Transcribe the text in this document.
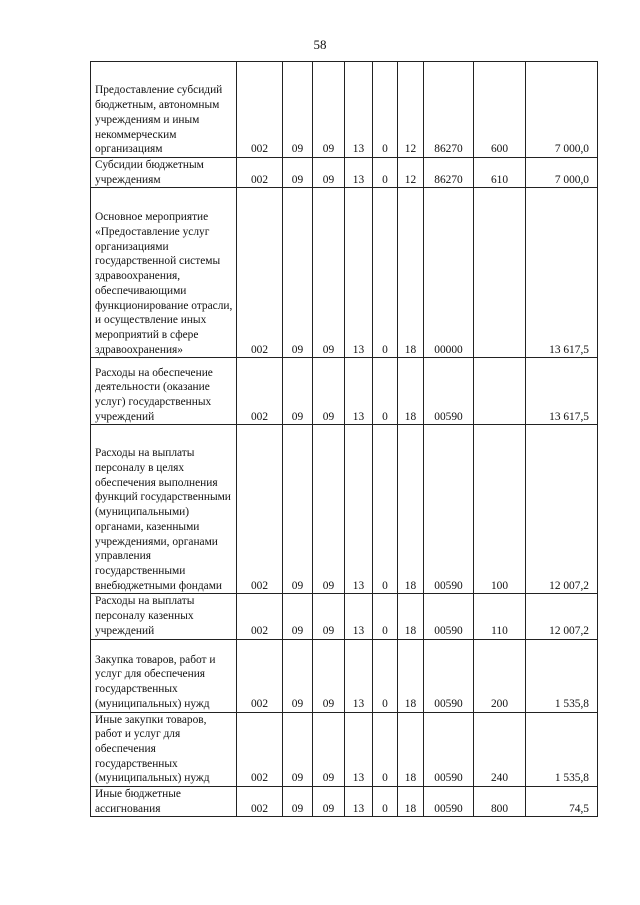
58
Предоставление субсидий бюджетным, автономным учреждениям и иным некоммерческим организациям	002	09	09	13	0	12	86270	600	7 000,0
Субсидии бюджетным учреждениям	002	09	09	13	0	12	86270	610	7 000,0
Основное мероприятие «Предоставление услуг организациями государственной системы здравоохранения, обеспечивающими функционирование отрасли, и осуществление иных мероприятий в сфере здравоохранения»	002	09	09	13	0	18	00000		13 617,5
Расходы на обеспечение деятельности (оказание услуг) государственных учреждений	002	09	09	13	0	18	00590		13 617,5
Расходы на выплаты персоналу в целях обеспечения выполнения функций государственными (муниципальными) органами, казенными учреждениями, органами управления государственными внебюджетными фондами	002	09	09	13	0	18	00590	100	12 007,2
Расходы на выплаты персоналу казенных учреждений	002	09	09	13	0	18	00590	110	12 007,2
Закупка товаров, работ и услуг для обеспечения государственных (муниципальных) нужд	002	09	09	13	0	18	00590	200	1 535,8
Иные закупки товаров, работ и услуг для обеспечения государственных (муниципальных) нужд	002	09	09	13	0	18	00590	240	1 535,8
Иные бюджетные ассигнования	002	09	09	13	0	18	00590	800	74,5
